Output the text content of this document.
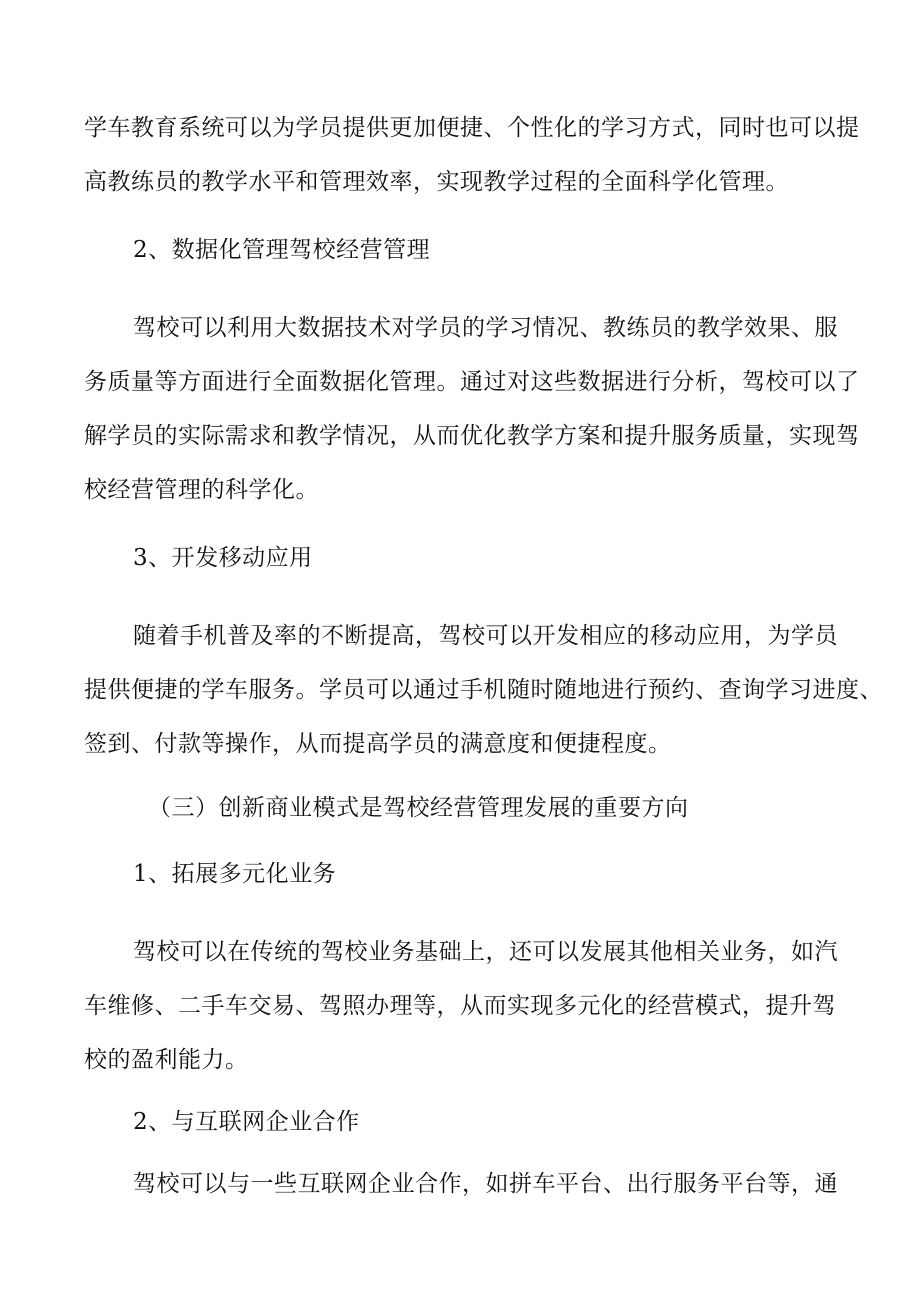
学车教育系统可以为学员提供更加便捷、个性化的学习方式，同时也可以提
高教练员的教学水平和管理效率，实现教学过程的全面科学化管理。
2、数据化管理驾校经营管理
驾校可以利用大数据技术对学员的学习情况、教练员的教学效果、服
务质量等方面进行全面数据化管理。通过对这些数据进行分析，驾校可以了
解学员的实际需求和教学情况，从而优化教学方案和提升服务质量，实现驾
校经营管理的科学化。
3、开发移动应用
随着手机普及率的不断提高，驾校可以开发相应的移动应用，为学员
提供便捷的学车服务。学员可以通过手机随时随地进行预约、查询学习进度、
签到、付款等操作，从而提高学员的满意度和便捷程度。
（三）创新商业模式是驾校经营管理发展的重要方向
1、拓展多元化业务
驾校可以在传统的驾校业务基础上，还可以发展其他相关业务，如汽
车维修、二手车交易、驾照办理等，从而实现多元化的经营模式，提升驾
校的盈利能力。
2、与互联网企业合作
驾校可以与一些互联网企业合作，如拼车平台、出行服务平台等，通
